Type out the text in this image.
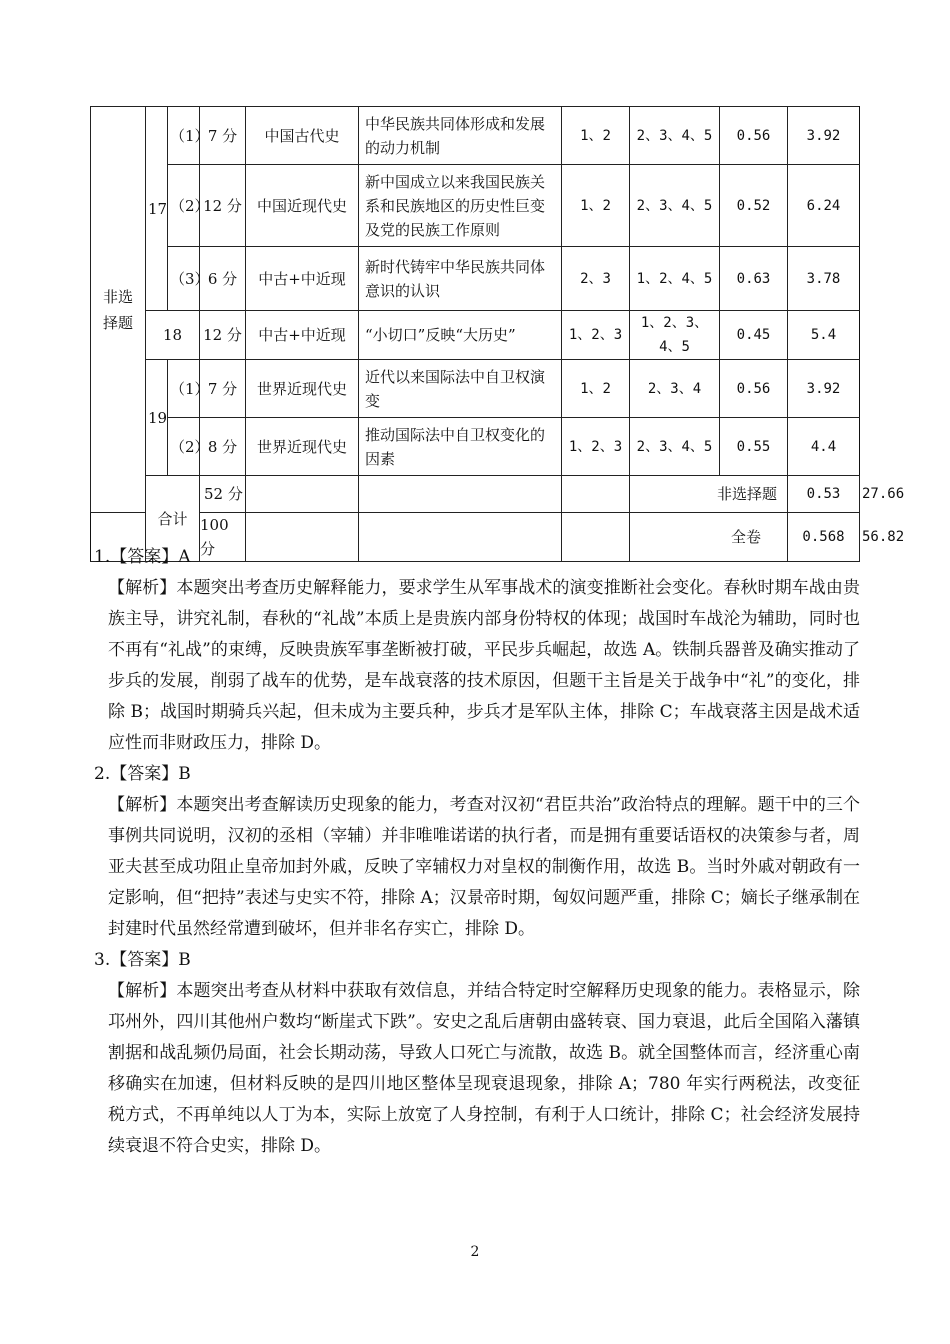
非选
择题	17	（1）	7 分	中国古代史	中华民族共同体形成和发展的动力机制	1、2	2、3、4、5	0.56	3.92	
		（2）	12 分	中国近现代史	新中国成立以来我国民族关系和民族地区的历史性巨变及党的民族工作原则	1、2	2、3、4、5	0.52	6.24	
		（3）	6 分	中古+中近现	新时代铸牢中华民族共同体意识的认识	2、3	1、2、4、5	0.63	3.78	
	18		12 分	中古+中近现	“小切口”反映“大历史”	1、2、3	1、2、3、4、5	0.45	5.4	
	19	（1）	7 分	世界近现代史	近代以来国际法中自卫权演变	1、2	2、3、4	0.56	3.92	
		（2）	8 分	世界近现代史	推动国际法中自卫权变化的因素	1、2、3	2、3、4、5	0.55	4.4	
	合计		52 分				非选择题		0.53	27.66
			100 分				全卷		0.568	56.82
1.【答案】A
【解析】本题突出考查历史解释能力，要求学生从军事战术的演变推断社会变化。春秋时期车战由贵族主导，讲究礼制，春秋的“礼战”本质上是贵族内部身份特权的体现；战国时车战沦为辅助，同时也不再有“礼战”的束缚，反映贵族军事垄断被打破，平民步兵崛起，故选 A。铁制兵器普及确实推动了步兵的发展，削弱了战车的优势，是车战衰落的技术原因，但题干主旨是关于战争中“礼”的变化，排除 B；战国时期骑兵兴起，但未成为主要兵种，步兵才是军队主体，排除 C；车战衰落主因是战术适应性而非财政压力，排除 D。
2.【答案】B
【解析】本题突出考查解读历史现象的能力，考查对汉初“君臣共治”政治特点的理解。题干中的三个事例共同说明，汉初的丞相（宰辅）并非唯唯诺诺的执行者，而是拥有重要话语权的决策参与者，周亚夫甚至成功阻止皇帝加封外戚，反映了宰辅权力对皇权的制衡作用，故选 B。当时外戚对朝政有一定影响，但“把持”表述与史实不符，排除 A；汉景帝时期，匈奴问题严重，排除 C；嫡长子继承制在封建时代虽然经常遭到破坏，但并非名存实亡，排除 D。
3.【答案】B
【解析】本题突出考查从材料中获取有效信息，并结合特定时空解释历史现象的能力。表格显示，除邛州外，四川其他州户数均“断崖式下跌”。安史之乱后唐朝由盛转衰、国力衰退，此后全国陷入藩镇割据和战乱频仍局面，社会长期动荡，导致人口死亡与流散，故选 B。就全国整体而言，经济重心南移确实在加速，但材料反映的是四川地区整体呈现衰退现象，排除 A；780 年实行两税法，改变征税方式，不再单纯以人丁为本，实际上放宽了人身控制，有利于人口统计，排除 C；社会经济发展持续衰退不符合史实，排除 D。
2
